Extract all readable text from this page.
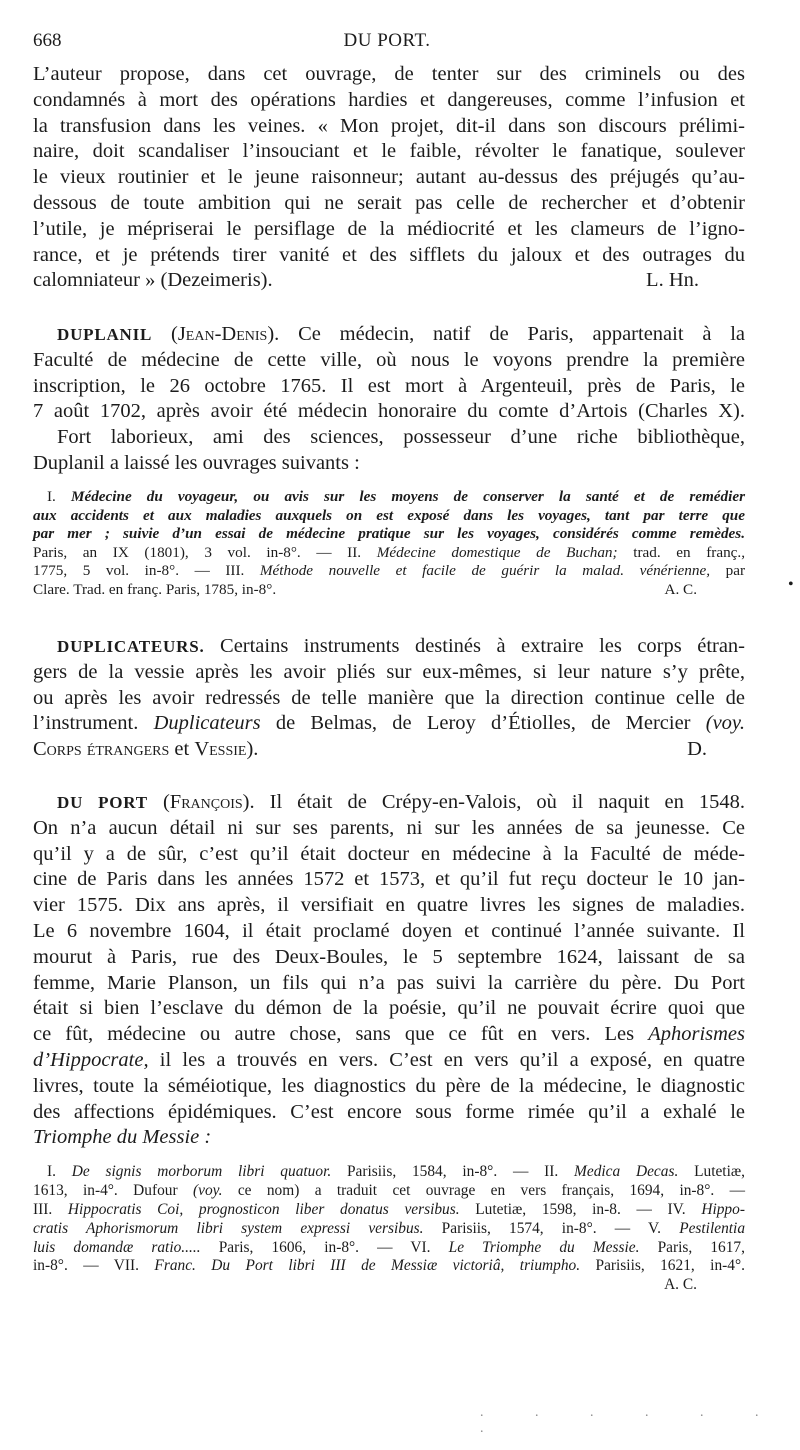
668	DU PORT.
L’auteur propose, dans cet ouvrage, de tenter sur des criminels ou des
condamnés à mort des opérations hardies et dangereuses, comme l’infusion et
la transfusion dans les veines. « Mon projet, dit-il dans son discours prélimi-
naire, doit scandaliser l’insouciant et le faible, révolter le fanatique, soulever
le vieux routinier et le jeune raisonneur; autant au-dessus des préjugés qu’au-
dessous de toute ambition qui ne serait pas celle de rechercher et d’obtenir
l’utile, je mépriserai le persiflage de la médiocrité et les clameurs de l’igno-
rance, et je prétends tirer vanité et des sifflets du jaloux et des outrages du
calomniateur » (Dezeimeris).	L. Hn.
DUPLANIL (Jean-Denis). Ce médecin, natif de Paris, appartenait à la
Faculté de médecine de cette ville, où nous le voyons prendre la première
inscription, le 26 octobre 1765. Il est mort à Argenteuil, près de Paris, le
7 août 1702, après avoir été médecin honoraire du comte d’Artois (Charles X).
Fort laborieux, ami des sciences, possesseur d’une riche bibliothèque,
Duplanil a laissé les ouvrages suivants :
I. Médecine du voyageur, ou avis sur les moyens de conserver la santé et de remédier
aux accidents et aux maladies auxquels on est exposé dans les voyages, tant par terre que
par mer ; suivie d’un essai de médecine pratique sur les voyages, considérés comme remèdes.
Paris, an IX (1801), 3 vol. in-8°. — II. Médecine domestique de Buchan; trad. en franç.,
1775, 5 vol. in-8°. — III. Méthode nouvelle et facile de guérir la malad. vénérienne, par
Clare. Trad. en franç. Paris, 1785, in-8°.	A. C.
DUPLICATEURS. Certains instruments destinés à extraire les corps étran-
gers de la vessie après les avoir pliés sur eux-mêmes, si leur nature s’y prête,
ou après les avoir redressés de telle manière que la direction continue celle de
l’instrument. Duplicateurs de Belmas, de Leroy d’Étiolles, de Mercier (voy.
Corps étrangers et Vessie).	D.
DU PORT (François). Il était de Crépy-en-Valois, où il naquit en 1548.
On n’a aucun détail ni sur ses parents, ni sur les années de sa jeunesse. Ce
qu’il y a de sûr, c’est qu’il était docteur en médecine à la Faculté de méde-
cine de Paris dans les années 1572 et 1573, et qu’il fut reçu docteur le 10 jan-
vier 1575. Dix ans après, il versifiait en quatre livres les signes de maladies.
Le 6 novembre 1604, il était proclamé doyen et continué l’année suivante. Il
mourut à Paris, rue des Deux-Boules, le 5 septembre 1624, laissant de sa
femme, Marie Planson, un fils qui n’a pas suivi la carrière du père. Du Port
était si bien l’esclave du démon de la poésie, qu’il ne pouvait écrire quoi que
ce fût, médecine ou autre chose, sans que ce fût en vers. Les Aphorismes
d’Hippocrate, il les a trouvés en vers. C’est en vers qu’il a exposé, en quatre
livres, toute la séméiotique, les diagnostics du père de la médecine, le diagnostic
des affections épidémiques. C’est encore sous forme rimée qu’il a exhalé le
Triomphe du Messie :
I. De signis morborum libri quatuor. Parisiis, 1584, in-8°. — II. Medica Decas. Lutetiæ,
1613, in-4°. Dufour (voy. ce nom) a traduit cet ouvrage en vers français, 1694, in-8°. —
III. Hippocratis Coi, prognosticon liber donatus versibus. Lutetiæ, 1598, in-8. — IV. Hippo-
cratis Aphorismorum libri system expressi versibus. Parisiis, 1574, in-8°. — V. Pestilentia
luis domandæ ratio..... Paris, 1606, in-8°. — VI. Le Triomphe du Messie. Paris, 1617,
in-8°. — VII. Franc. Du Port libri III de Messiæ victoriâ, triumpho. Parisiis, 1621, in-4°.
A. C.
•
. . . . . . .
